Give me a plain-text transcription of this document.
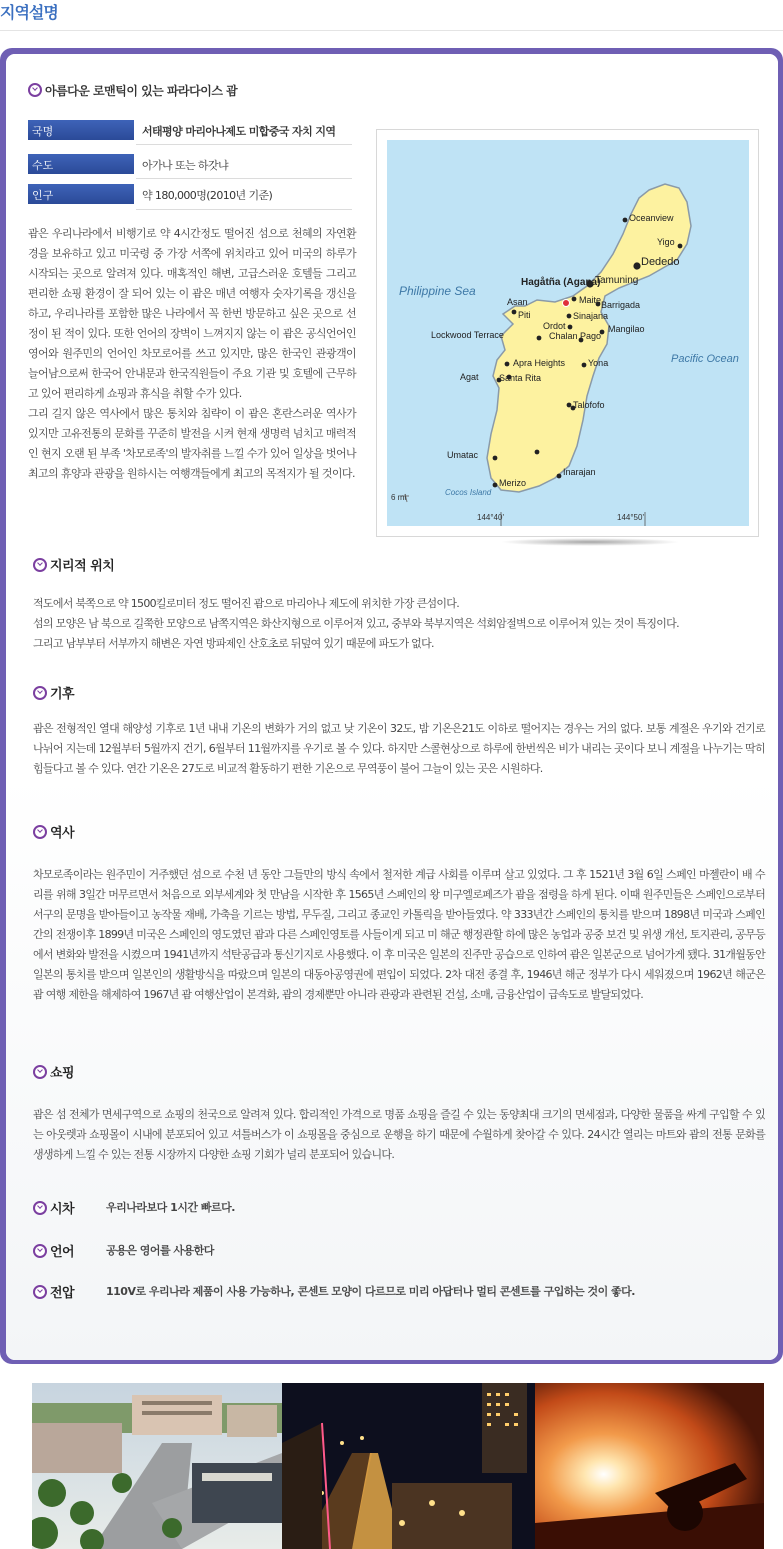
지역설명
아름다운 로맨틱이 있는 파라다이스 괌
국명	서태평양 마리아나제도 미합중국 자치 지역
수도	아가나 또는 하갓냐
인구	약 180,000명(2010년 기준)
괌은 우리나라에서 비행기로 약 4시간정도 떨어진 섬으로 천혜의 자연환경을 보유하고 있고 미국령 중 가장 서쪽에 위치라고 있어 미국의 하루가 시작되는 곳으로 알려져 있다. 매혹적인 해변, 고급스러운 호텔들 그리고 편리한 쇼핑 환경이 잘 되어 있는 이 괌은 매년 여행자 숫자기록을 갱신을 하고, 우리나라를 포함한 많은 나라에서 꼭 한번 방문하고 싶은 곳으로 선정이 된 적이 있다. 또한 언어의 장벽이 느껴지지 않는 이 괌은 공식언어인 영어와 원주민의 언어인 차모로어를 쓰고 있지만, 많은 한국인 관광객이 늘어남으로써 한국어 안내문과 한국직원들이 주요 기관 및 호텔에 근무하고 있어 편리하게 쇼핑과 휴식을 취할 수가 있다.
그리 길지 않은 역사에서 많은 통치와 침략이 이 괌은 혼란스러운 역사가 있지만 고유전통의 문화를 꾸준히 발전을 시켜 현재 생명력 넘치고 매력적인 현지 오랜 된 부족 '차모로족'의 발자취를 느낄 수가 있어 일상을 벗어나 최고의 휴양과 관광을 원하시는 여행객들에게 최고의 목적지가 될 것이다.
Oceanview
Yigo
Dededo
Tamuning
Asan
Piti
Maite Barrigada
Sinajana
Ordot
Chalan Pago
Mangilao
Lockwood Terrace
Apra Heights	Yona
Agat Santa Rita
Talofofo
Umatac
Merizo
Inarajan
Hagåtña (Agana)
Philippine Sea
Pacific Ocean
Cocos Island
6 mi
144°40'	144°50'
지리적 위치
적도에서 북쪽으로 약 1500킬로미터 정도 떨어진 괌으로 마리아나 제도에 위치한 가장 큰섬이다.
섬의 모양은 남 북으로 길쭉한 모양으로 남쪽지역은 화산지형으로 이루어져 있고, 중부와 북부지역은 석회암절벽으로 이루어져 있는 것이 특징이다.
그리고 남부부터 서부까지 해변은 자연 방파제인 산호초로 뒤덮여 있기 때문에 파도가 없다.
기후
괌은 전형적인 열대 해양성 기후로 1년 내내 기온의 변화가 거의 없고 낮 기온이 32도, 밤 기온은21도 이하로 떨어지는 경우는 거의 없다. 보통 계절은 우기와 건기로 나뉘어 지는데 12월부터 5월까지 건기, 6월부터 11월까지를 우기로 볼 수 있다. 하지만 스콜현상으로 하루에 한번씩은 비가 내리는 곳이다 보니 계절을 나누기는 딱히 힘들다고 볼 수 있다. 연간 기온은 27도로 비교적 활동하기 편한 기온으로 무역풍이 불어 그늘이 있는 곳은 시원하다.
역사
차모로족이라는 원주민이 거주했던 섬으로 수천 년 동안 그들만의 방식 속에서 철저한 계급 사회를 이루며 살고 있었다. 그 후 1521년 3월 6일 스페인 마젤란이 배 수리를 위해 3일간 머무르면서 처음으로 외부세계와 첫 만남을 시작한 후 1565년 스페인의 왕 미구엘로페즈가 괌을 점령을 하게 된다. 이때 원주민들은 스페인으로부터 서구의 문명을 받아들이고 농작물 재배, 가축을 기르는 방법, 무두질, 그리고 종교인 카톨릭을 받아들였다. 약 333년간 스페인의 통치를 받으며 1898년 미국과 스페인간의 전쟁이후 1899년 미국은 스페인의 영도였던 괌과 다른 스페인영토를 사들이게 되고 미 해군 행정관할 하에 많은 농업과 공중 보건 및 위생 개선, 토지관리, 공무등에서 변화와 발전을 시켰으며 1941년까지 석탄공급과 통신기지로 사용했다. 이 후 미국은 일본의 진주만 공습으로 인하여 괌은 일본군으로 넘어가게 됐다. 31개월동안 일본의 통치를 받으며 일본인의 생활방식을 따랐으며 일본의 대동아공영권에 편입이 되었다. 2차 대전 종결 후, 1946년 해군 정부가 다시 세워졌으며 1962년 해군은 괌 여행 제한을 해제하여 1967년 괌 여행산업이 본격화, 괌의 경제뿐만 아니라 관광과 관련된 건설, 소매, 금융산업이 급속도로 발달되었다.
쇼핑
괌은 섬 전체가 면세구역으로 쇼핑의 천국으로 알려져 있다. 합리적인 가격으로 명품 쇼핑을 즐길 수 있는 동양최대 크기의 면세점과, 다양한 물품을 싸게 구입할 수 있는 아웃렛과 쇼핑몰이 시내에 분포되어 있고 셔틀버스가 이 쇼핑몰을 중심으로 운행을 하기 때문에 수월하게 찾아갈 수 있다. 24시간 열리는 마트와 괌의 전통 문화를 생생하게 느낄 수 있는 전통 시장까지 다양한 쇼핑 기회가 널리 분포되어 있습니다.
시차	우리나라보다 1시간 빠르다.
언어	공용은 영어를 사용한다
전압	110V로 우리나라 제품이 사용 가능하나, 콘센트 모양이 다르므로 미리 아답터나 멀티 콘센트를 구입하는 것이 좋다.
